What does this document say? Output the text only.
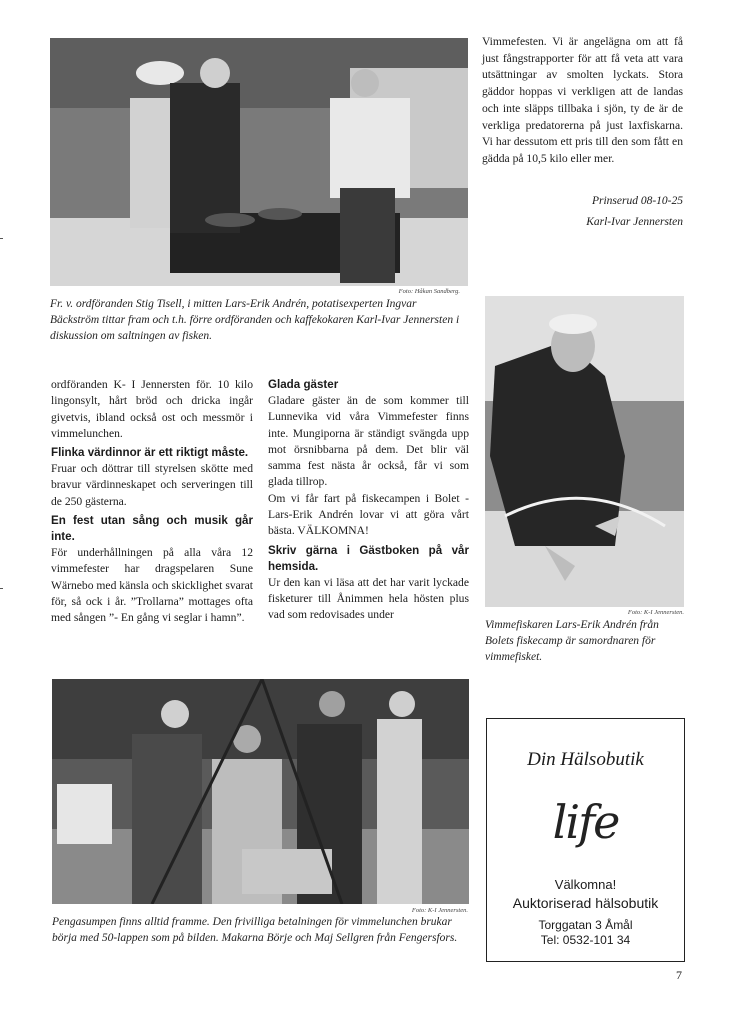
Foto: Håkan Sandberg.
Fr. v. ordföranden Stig Tisell, i mitten Lars-Erik Andrén, potatisexperten Ingvar Bäckström tittar fram och t.h. förre ordföranden och kaffekokaren Karl-Ivar Jennersten i diskussion om saltningen av fisken.
Vimmefesten. Vi är angelägna om att få just fångstrapporter för att få veta att vara utsättningar av smolten lyckats. Stora gäddor hoppas vi verkligen att de landas och inte släpps tillbaka i sjön, ty de är de verkliga predatorerna på just laxfiskarna. Vi har dessutom ett pris till den som fått en gädda på 10,5 kilo eller mer.
Prinserud 08-10-25
Karl-Ivar Jennersten

ordföranden K- I Jennersten för. 10 kilo lingonsylt, hårt bröd och dricka ingår givetvis, ibland också ost och messmör i vimmelunchen.

Flinka värdinnor är ett riktigt måste.

Fruar och döttrar till styrelsen skötte med bravur värdinneskapet och serveringen till de 250 gästerna.

En fest utan sång och musik går inte.

För underhållningen på alla våra 12 vimmefester har dragspelaren Sune Wärnebo med känsla och skicklighet svarat för, så ock i år. ”Trollarna” mottages ofta med sången ”- En gång vi seglar i hamn”.

Glada gäster

Gladare gäster än de som kommer till Lunnevika vid våra Vimmefester finns inte. Mungiporna är ständigt svängda upp mot örsnibbarna på dem. Det blir väl samma fest nästa år också, får vi som glada tillrop.

Om vi får fart på fiskecampen i Bolet -Lars-Erik Andrén lovar vi att göra vårt bästa. VÄLKOMNA!

Skriv gärna i Gästboken på vår hemsida.

Ur den kan vi läsa att det har varit lyckade fisketurer till Ånimmen hela hösten plus vad som redovisades under	Foto: K-I Jennersten.
Vimmefiskaren Lars-Erik Andrén från Bolets fiskecamp är samordnaren för vimmefisket.
Foto: K-I Jennersten.
Pengasumpen finns alltid framme. Den frivilliga betalningen för vimmelunchen brukar börja med 50-lappen som på bilden. Makarna Börje och Maj Sellgren från Fengersfors.
Din Hälsobutik
life
Välkomna!
Auktoriserad hälsobutik
Torggatan 3 Åmål
Tel: 0532-101 34
7
